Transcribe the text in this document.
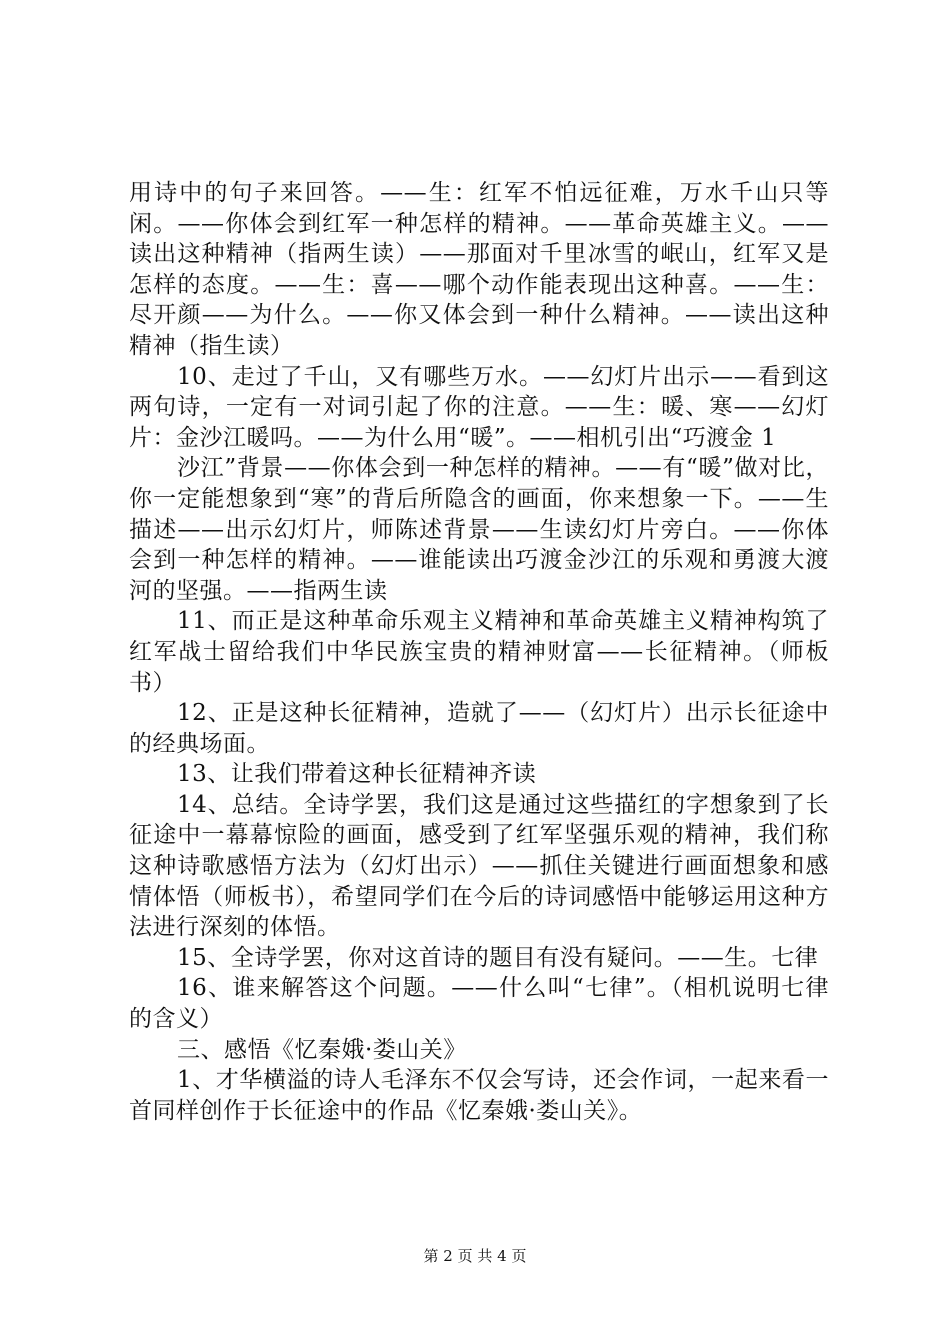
用诗中的句子来回答。——生：红军不怕远征难，万水千山只等闲。——你体会到红军一种怎样的精神。——革命英雄主义。——读出这种精神（指两生读）——那面对千里冰雪的岷山，红军又是怎样的态度。——生：喜——哪个动作能表现出这种喜。——生：尽开颜——为什么。——你又体会到一种什么精神。——读出这种精神（指生读）

10、走过了千山，又有哪些万水。——幻灯片出示——看到这两句诗，一定有一对词引起了你的注意。——生：暖、寒——幻灯片：金沙江暖吗。——为什么用“暖”。——相机引出“巧渡金 1

沙江”背景——你体会到一种怎样的精神。——有“暖”做对比，你一定能想象到“寒”的背后所隐含的画面，你来想象一下。——生描述——出示幻灯片，师陈述背景——生读幻灯片旁白。——你体会到一种怎样的精神。——谁能读出巧渡金沙江的乐观和勇渡大渡河的坚强。——指两生读

11、而正是这种革命乐观主义精神和革命英雄主义精神构筑了红军战士留给我们中华民族宝贵的精神财富——长征精神。（师板书）

12、正是这种长征精神，造就了——（幻灯片）出示长征途中的经典场面。

13、让我们带着这种长征精神齐读

14、总结。全诗学罢，我们这是通过这些描红的字想象到了长征途中一幕幕惊险的画面，感受到了红军坚强乐观的精神，我们称这种诗歌感悟方法为（幻灯出示）——抓住关键进行画面想象和感情体悟（师板书），希望同学们在今后的诗词感悟中能够运用这种方法进行深刻的体悟。

15、全诗学罢，你对这首诗的题目有没有疑问。——生。七律

16、谁来解答这个问题。——什么叫“七律”。（相机说明七律的含义）

三、感悟《忆秦娥·娄山关》

1、才华横溢的诗人毛泽东不仅会写诗，还会作词，一起来看一首同样创作于长征途中的作品《忆秦娥·娄山关》。

第 2 页 共 4 页
